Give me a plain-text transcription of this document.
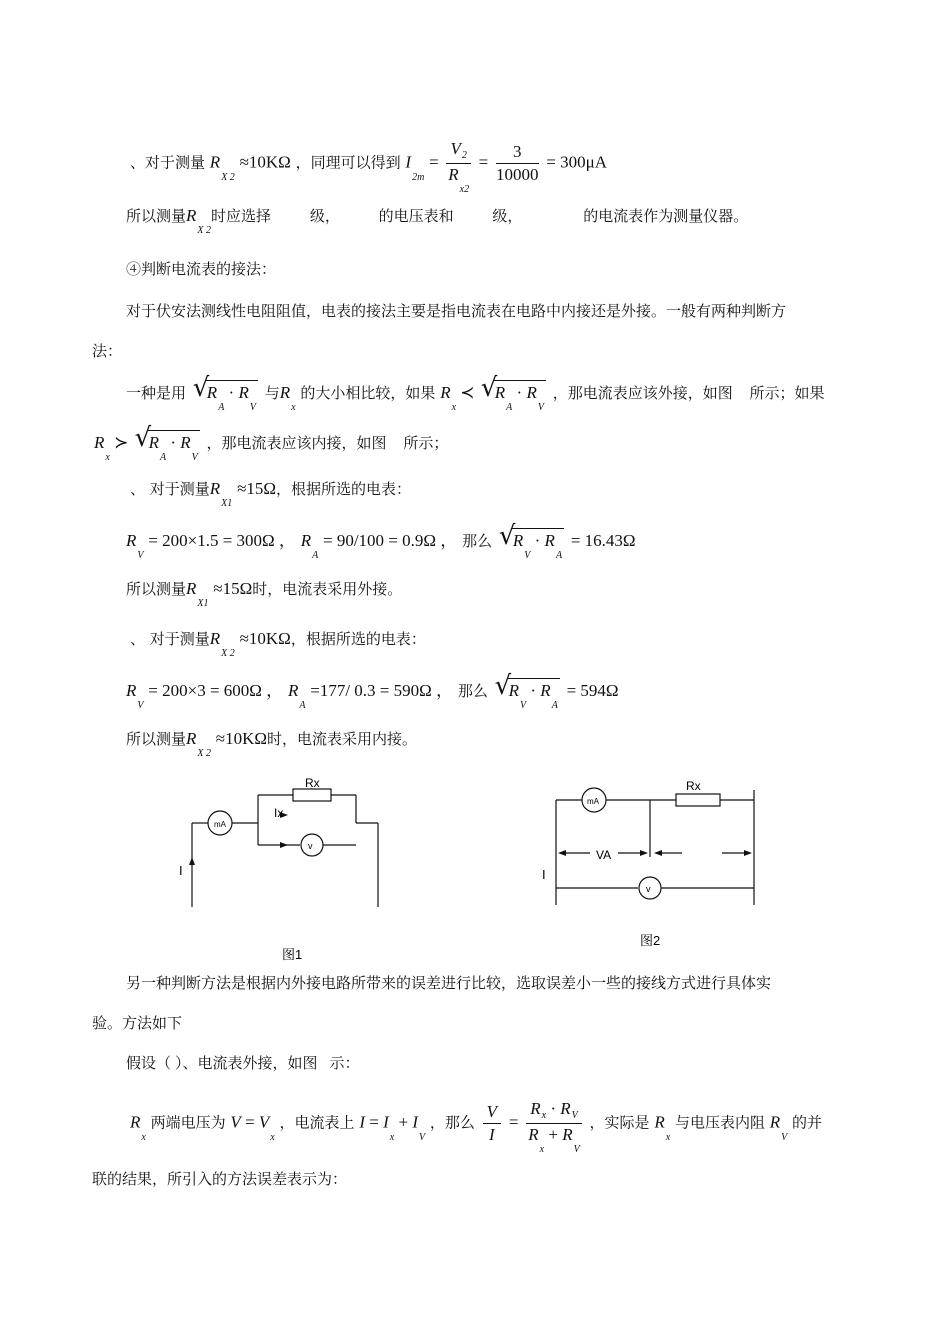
、对于测量 $R_{X 2} \approx 10K\Omega$ ，同理可以得到 $I_{2m} = \frac{V_2}{R_{x2}} = \frac{3}{10000} = 300\mu A$
所以测量$R_{X 2}$时应选择	级，	的电压表和	级，	的电流表作为测量仪器。
④判断电流表的接法：
对于伏安法测线性电阻阻值，电表的接法主要是指电流表在电路中内接还是外接。一般有两种判断方
法：
一种是用 √
$R_A \cdot R_V$ 与$R_x$ 的大小相比较，如果 $R_x$ ≺ √
$R_A \cdot R_V$ ，那电流表应该外接，如图 所示；如果
$R_x$ ≻ √
$R_A \cdot R_V$ ，那电流表应该内接，如图 所示；
、 对于测量$R_{X1} \approx 15\Omega$，根据所选的电表：
$R_V = 200\times 1.5 = 300\Omega$ ， $R_A = 90/100 = 0.9\Omega$ ， 那么 √
$R_V \cdot R_A = 16.43\Omega$
所以测量$R_{X1} \approx 15\Omega$时，电流表采用外接。
、 对于测量$R_{X 2} \approx 10K\Omega$，根据所选的电表：
$R_V = 200\times 3 = 600\Omega$ ， $R_A =177/$ 0.3 = 590Ω ， 那么 √
$R_V \cdot R_A = 594\Omega$
所以测量$R_{X 2} \approx 10K\Omega$时，电流表采用内接。
mA
v
Rx
Ix
I
图1
mA
v
Rx
VA
I
图2
另一种判断方法是根据内外接电路所带来的误差进行比较，选取误差小一些的接线方式进行具体实
验。方法如下
假设（ ）、电流表外接，如图 示：
$R_x$ 两端电压为 $V = V_x$ ，电流表上 $I = I_x + I_V$ ，那么 $\frac{V}{I} = \frac{R_x \cdot R_V}{R_x + R_V}$ ，实际是 $R_x$ 与电压表内阻 $R_V$ 的并
联的结果，所引入的方法误差表示为：
